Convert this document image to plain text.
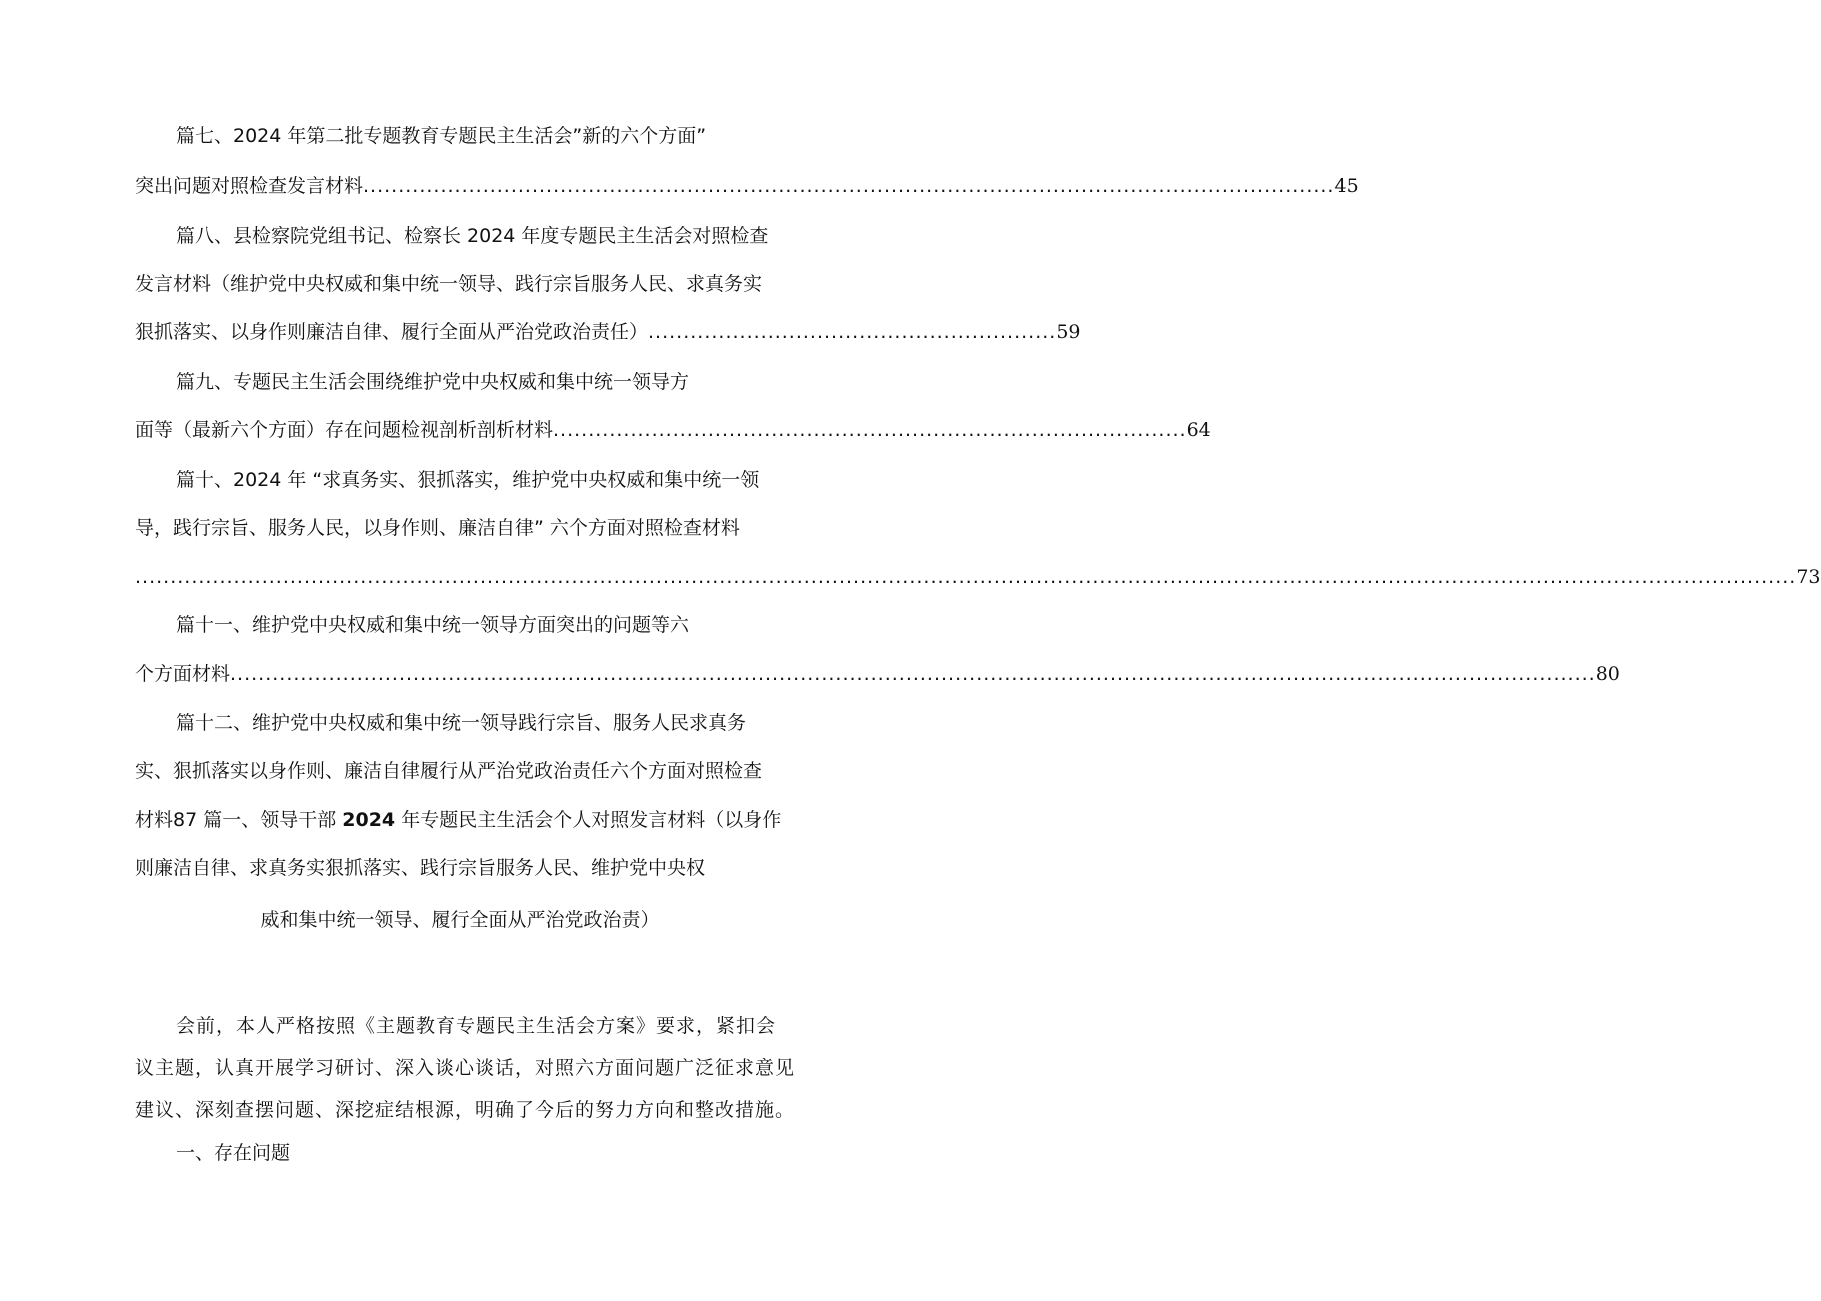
篇七、2024 年第二批专题教育专题民主生活会”新的六个方面”
突出问题对照检查发言材料 .......................................................................................................................................... 45
篇八、县检察院党组书记、检察长 2024 年度专题民主生活会对照检查
发言材料（维护党中央权威和集中统一领导、践行宗旨服务人民、求真务实
狠抓落实、以身作则廉洁自律、履行全面从严治党政治责任） .......................................................... 59
篇九、专题民主生活会围绕维护党中央权威和集中统一领导方
面等（最新六个方面）存在问题检视剖析剖析材料 .......................................................................................... 64
篇十、2024 年 “求真务实、狠抓落实，维护党中央权威和集中统一领
导，践行宗旨、服务人民，以身作则、廉洁自律” 六个方面对照检查材料
............................................................................................................................................................................................................................................ 73
篇十一、维护党中央权威和集中统一领导方面突出的问题等六
个方面材料 .................................................................................................................................................................................................. 80
篇十二、维护党中央权威和集中统一领导践行宗旨、服务人民求真务
实、狠抓落实以身作则、廉洁自律履行从严治党政治责任六个方面对照检查
材料87 篇一、领导干部 2024 年专题民主生活会个人对照发言材料（以身作
则廉洁自律、求真务实狠抓落实、践行宗旨服务人民、维护党中央权
威和集中统一领导、履行全面从严治党政治责）
会前，本人严格按照《主题教育专题民主生活会方案》要求，紧扣会
议主题，认真开展学习研讨、深入谈心谈话，对照六方面问题广泛征求意见
建议、深刻查摆问题、深挖症结根源，明确了今后的努力方向和整改措施。
一、存在问题
